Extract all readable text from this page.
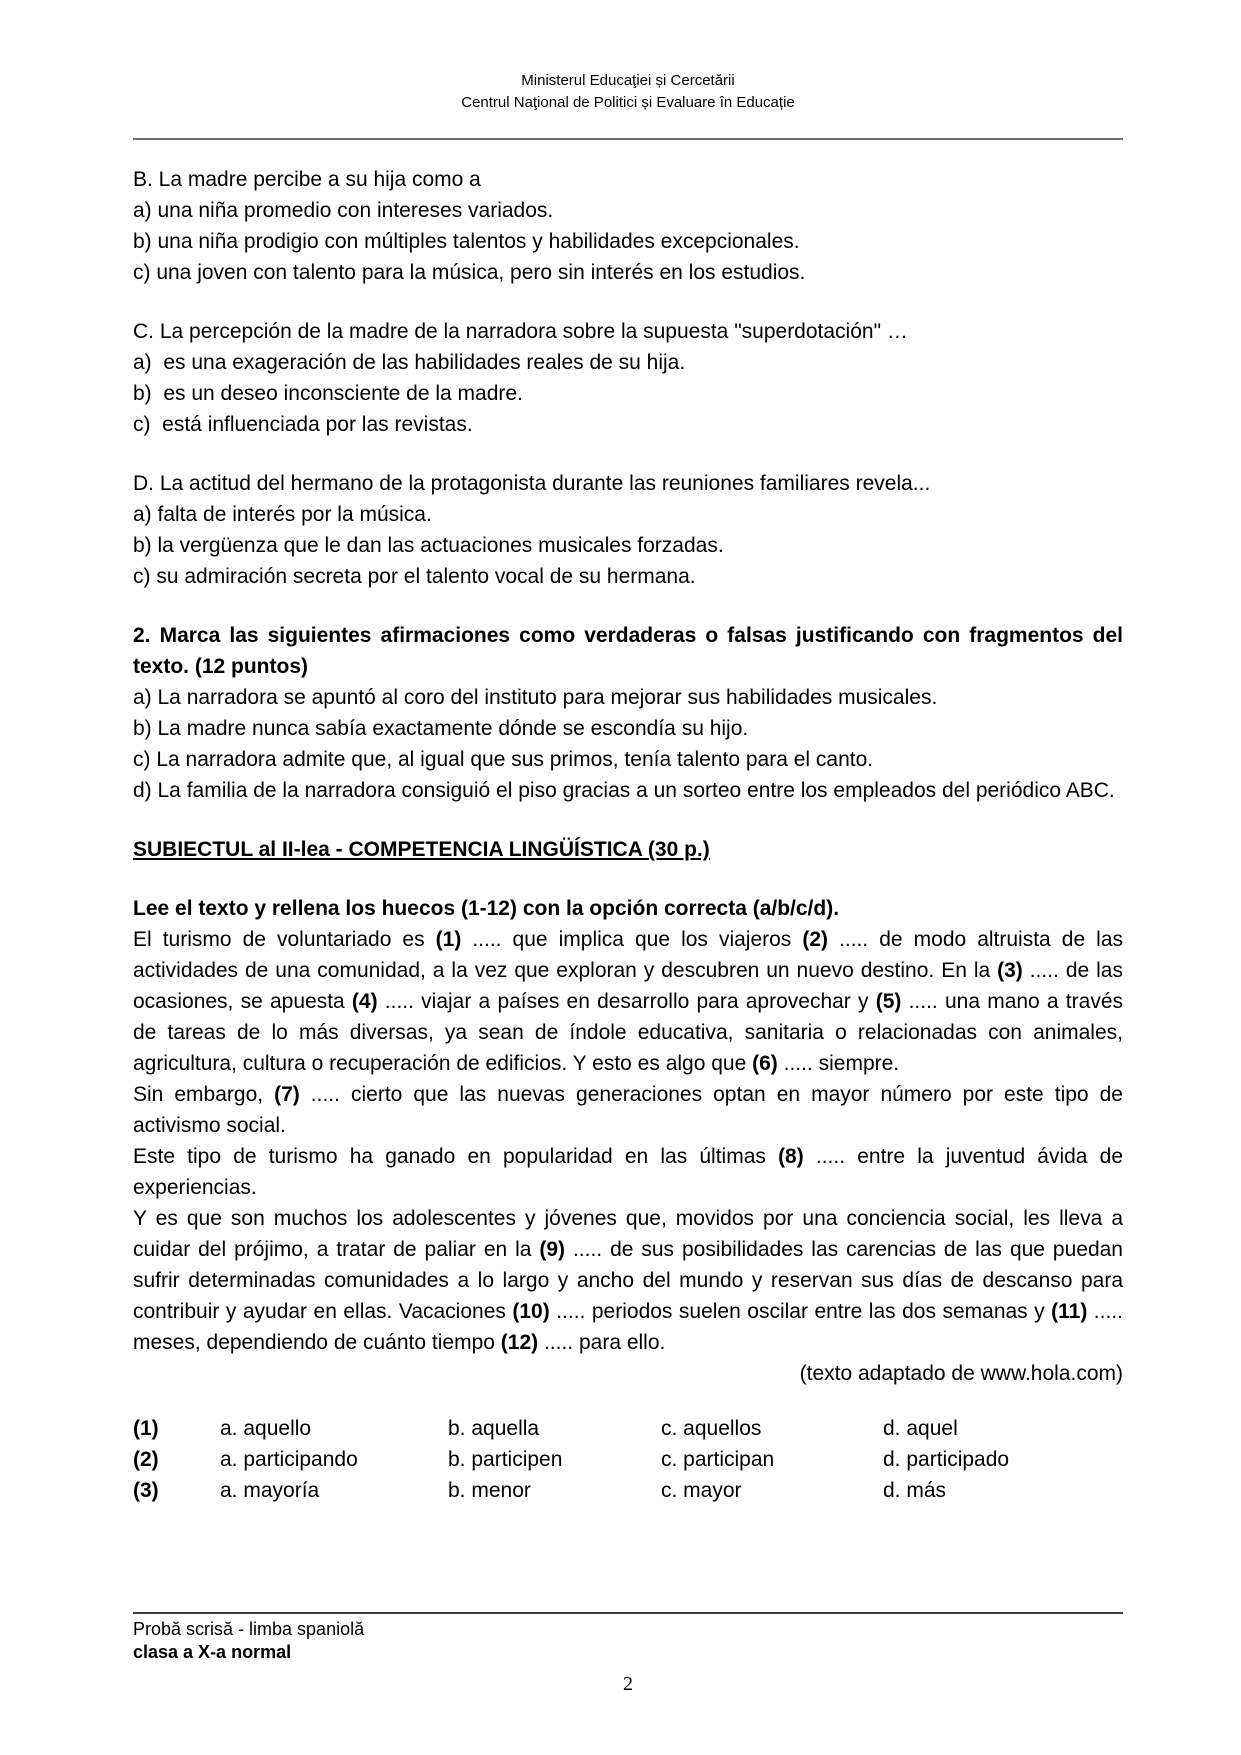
Ministerul Educaţiei și Cercetării
Centrul Naţional de Politici și Evaluare în Educație
B. La madre percibe a su hija como a
a) una niña promedio con intereses variados.
b) una niña prodigio con múltiples talentos y habilidades excepcionales.
c) una joven con talento para la música, pero sin interés en los estudios.
C. La percepción de la madre de la narradora sobre la supuesta "superdotación" …
a)  es una exageración de las habilidades reales de su hija.
b)  es un deseo inconsciente de la madre.
c)  está influenciada por las revistas.
D. La actitud del hermano de la protagonista durante las reuniones familiares revela...
a) falta de interés por la música.
b) la vergüenza que le dan las actuaciones musicales forzadas.
c) su admiración secreta por el talento vocal de su hermana.
2. Marca las siguientes afirmaciones como verdaderas o falsas justificando con fragmentos del texto. (12 puntos)
a) La narradora se apuntó al coro del instituto para mejorar sus habilidades musicales.
b) La madre nunca sabía exactamente dónde se escondía su hijo.
c) La narradora admite que, al igual que sus primos, tenía talento para el canto.
d) La familia de la narradora consiguió el piso gracias a un sorteo entre los empleados del periódico ABC.
SUBIECTUL al II-lea - COMPETENCIA LINGÜÍSTICA (30 p.)
Lee el texto y rellena los huecos (1-12) con la opción correcta (a/b/c/d).
El turismo de voluntariado es (1) ..... que implica que los viajeros (2) ..... de modo altruista de las actividades de una comunidad, a la vez que exploran y descubren un nuevo destino. En la (3) ..... de las ocasiones, se apuesta (4) ..... viajar a países en desarrollo para aprovechar y (5) ..... una mano a través de tareas de lo más diversas, ya sean de índole educativa, sanitaria o relacionadas con animales, agricultura, cultura o recuperación de edificios. Y esto es algo que (6) ..... siempre.
Sin embargo, (7) ..... cierto que las nuevas generaciones optan en mayor número por este tipo de activismo social.
Este tipo de turismo ha ganado en popularidad en las últimas (8) ..... entre la juventud ávida de experiencias.
Y es que son muchos los adolescentes y jóvenes que, movidos por una conciencia social, les lleva a cuidar del prójimo, a tratar de paliar en la (9) ..... de sus posibilidades las carencias de las que puedan sufrir determinadas comunidades a lo largo y ancho del mundo y reservan sus días de descanso para contribuir y ayudar en ellas. Vacaciones (10) ..... periodos suelen oscilar entre las dos semanas y (11) ..... meses, dependiendo de cuánto tiempo (12) ..... para ello.
(texto adaptado de www.hola.com)
(1)	a. aquello	b. aquella	c. aquellos	d. aquel
(2)	a. participando	b. participen	c. participan	d. participado
(3)	a. mayoría	b. menor	c. mayor	d. más
Probă scrisă - limba spaniolă
clasa a X-a normal
2
